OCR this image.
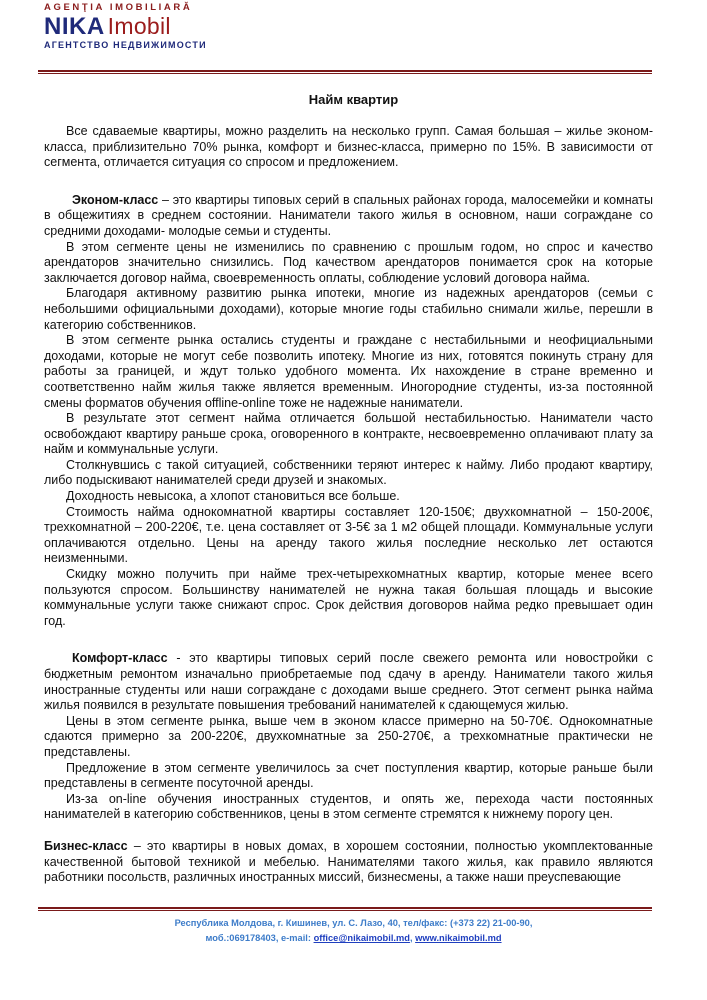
AGENŢIA IMOBILIARĂ
NIKA Imobil
АГЕНТСТВО НЕДВИЖИМОСТИ
Найм квартир

Все сдаваемые квартиры, можно разделить на несколько групп. Самая большая – жилье эконом-класса, приблизительно 70% рынка, комфорт и бизнес-класса, примерно по 15%. В зависимости от сегмента, отличается ситуация со спросом и предложением.

Эконом-класс – это квартиры типовых серий в спальных районах города, малосемейки и комнаты в общежитиях в среднем состоянии. Наниматели такого жилья в основном, наши сограждане со средними доходами- молодые семьи и студенты.

В этом сегменте цены не изменились по сравнению с прошлым годом, но спрос и качество арендаторов значительно снизились. Под качеством арендаторов понимается срок на которые заключается договор найма, своевременность оплаты, соблюдение условий договора найма.

Благодаря активному развитию рынка ипотеки, многие из надежных арендаторов (семьи с небольшими официальными доходами), которые многие годы стабильно снимали жилье, перешли в категорию собственников.

В этом сегменте рынка остались студенты и граждане с нестабильными и неофициальными доходами, которые не могут себе позволить ипотеку. Многие из них, готовятся покинуть страну для работы за границей, и ждут только удобного момента. Их нахождение в стране временно и соответственно найм жилья также является временным. Иногородние студенты, из-за постоянной смены форматов обучения offline-online тоже не надежные наниматели.

В результате этот сегмент найма отличается большой нестабильностью. Наниматели часто освобождают квартиру раньше срока, оговоренного в контракте, несвоевременно оплачивают плату за найм и коммунальные услуги.

Столкнувшись с такой ситуацией, собственники теряют интерес к найму. Либо продают квартиру, либо подыскивают нанимателей среди друзей и знакомых.

Доходность невысока, а хлопот становиться все больше.

Стоимость найма однокомнатной квартиры составляет 120-150€; двухкомнатной – 150-200€, трехкомнатной – 200-220€, т.е. цена составляет от 3-5€ за 1 м2 общей площади. Коммунальные услуги оплачиваются отдельно. Цены на аренду такого жилья последние несколько лет остаются неизменными.

Скидку можно получить при найме трех-четырехкомнатных квартир, которые менее всего пользуются спросом. Большинству нанимателей не нужна такая большая площадь и высокие коммунальные услуги также снижают спрос. Срок действия договоров найма редко превышает один год.

Комфорт-класс - это квартиры типовых серий после свежего ремонта или новостройки с бюджетным ремонтом изначально приобретаемые под сдачу в аренду. Наниматели такого жилья иностранные студенты или наши сограждане с доходами выше среднего. Этот сегмент рынка найма жилья появился в результате повышения требований нанимателей к сдающемуся жилью.

Цены в этом сегменте рынка, выше чем в эконом классе примерно на 50-70€. Однокомнатные сдаются примерно за 200-220€, двухкомнатные за 250-270€, а трехкомнатные практически не представлены.

Предложение в этом сегменте увеличилось за счет поступления квартир, которые раньше были представлены в сегменте посуточной аренды.

Из-за on-line обучения иностранных студентов, и опять же, перехода части постоянных нанимателей в категорию собственников, цены в этом сегменте стремятся к нижнему порогу цен.

Бизнес-класс – это квартиры в новых домах, в хорошем состоянии, полностью укомплектованные качественной бытовой техникой и мебелью. Нанимателями такого жилья, как правило являются работники посольств, различных иностранных миссий, бизнесмены, а также наши преуспевающие

Республика Молдова, г. Кишинев, ул. С. Лазо, 40, тел/факс: (+373 22) 21-00-90,
моб.:069178403, e-mail: office@nikaimobil.md, www.nikaimobil.md
